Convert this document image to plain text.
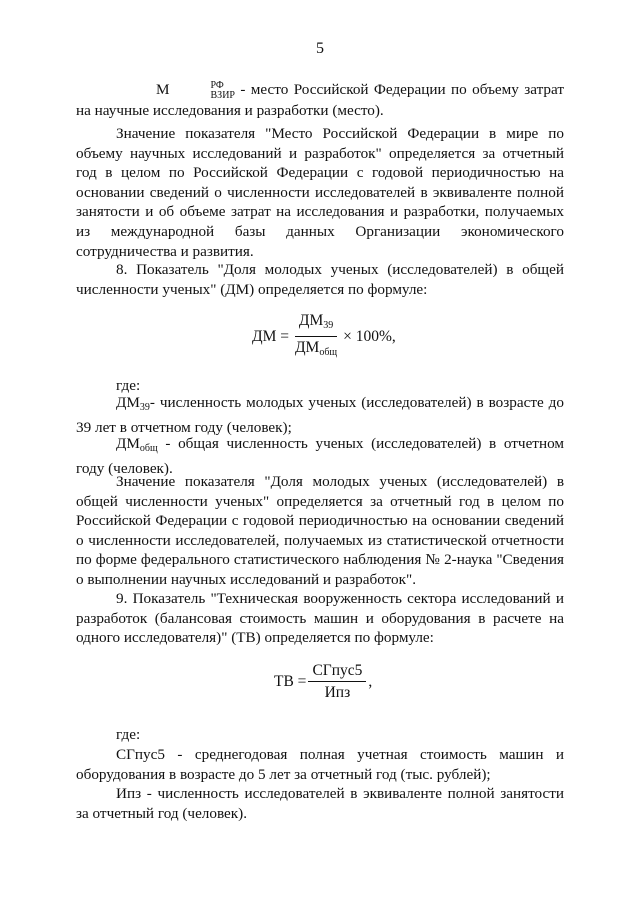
5
М	РФ
ВЗИР - место Российской Федерации по объему затрат на научные исследования и разработки (место).
Значение показателя "Место Российской Федерации в мире по объему научных исследований и разработок" определяется за отчетный год в целом по Российской Федерации с годовой периодичностью на основании сведений о численности исследователей в эквиваленте полной занятости и об объеме затрат на исследования и разработки, получаемых из международной базы данных Организации экономического сотрудничества и развития.
8. Показатель "Доля молодых ученых (исследователей) в общей численности ученых" (ДМ) определяется по формуле:
ДМ = $\frac{ДМ_{39}}{ДМ_{общ}} \times 100\%$,
где:
$ДМ_{39}-$ численность молодых ученых (исследователей) в возрасте до 39 лет в отчетном году (человек);
$ДМ_{общ}$ - общая численность ученых (исследователей) в отчетном году (человек).
Значение показателя "Доля молодых ученых (исследователей) в общей численности ученых" определяется за отчетный год в целом по Российской Федерации с годовой периодичностью на основании сведений о численности исследователей, получаемых из статистической отчетности по форме федерального статистического наблюдения № 2-наука "Сведения о выполнении научных исследований и разработок".
9. Показатель "Техническая вооруженность сектора исследований и разработок (балансовая стоимость машин и оборудования в расчете на одного исследователя)" (ТВ) определяется по формуле:
ТВ = $\frac{\text{СГпус5}}{\text{Ипз}}$ ,
где:
СГпус5 - среднегодовая полная учетная стоимость машин и оборудования в возрасте до 5 лет за отчетный год (тыс. рублей);
Ипз - численность исследователей в эквиваленте полной занятости за отчетный год (человек).
